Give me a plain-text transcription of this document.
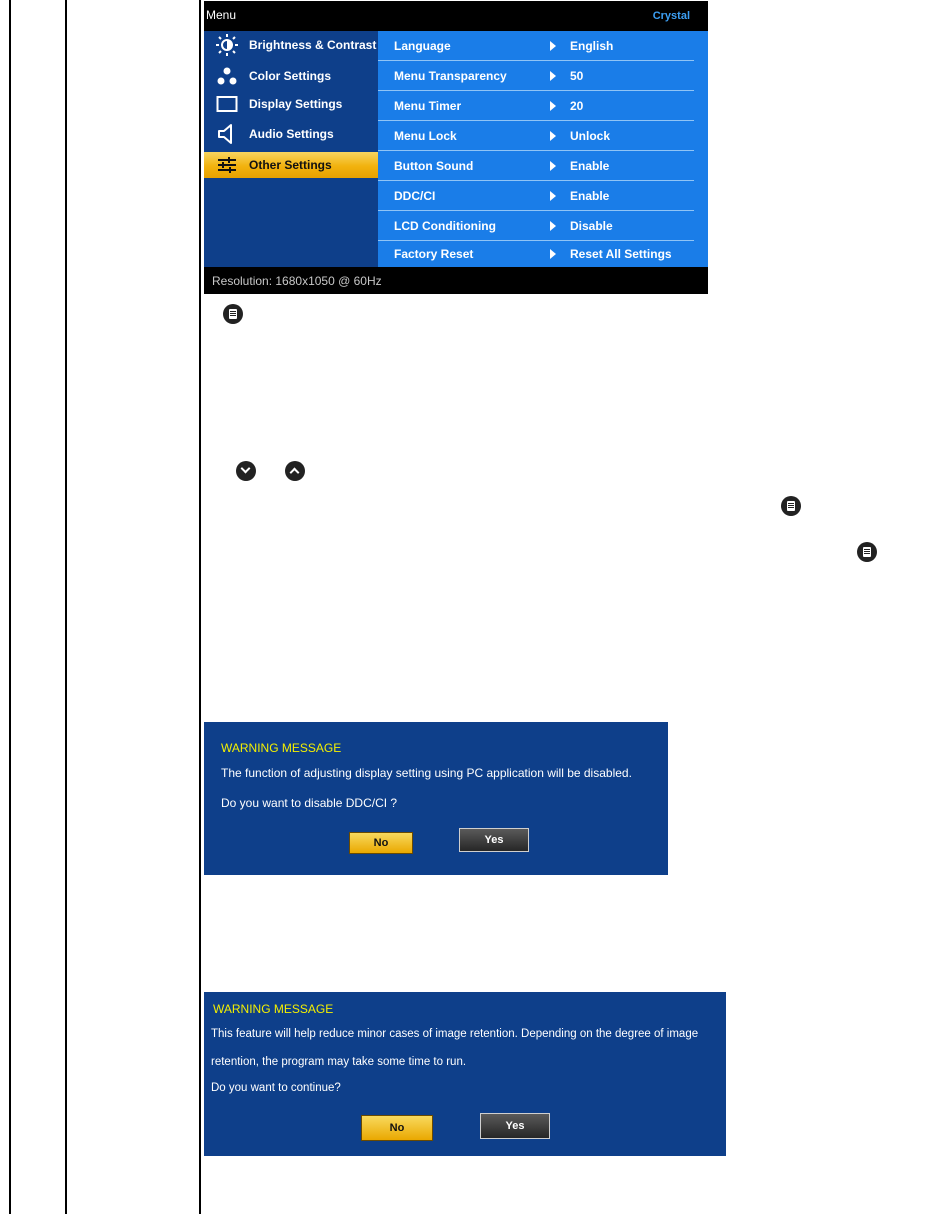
Menu	Crystal
Brightness & Contrast
Color Settings
Display Settings
Audio Settings
Other Settings
Language	English
Menu Transparency	50
Menu Timer	20
Menu Lock	Unlock
Button Sound	Enable
DDC/CI	Enable
LCD Conditioning	Disable
Factory Reset	Reset All Settings
Resolution: 1680x1050 @ 60Hz
WARNING MESSAGE
The function of adjusting display setting using PC application will be disabled.
Do you want to disable DDC/CI ?
No	Yes
WARNING MESSAGE
This feature will help reduce minor cases of image retention. Depending on the degree of image
retention, the program may take some time to run.
Do you want to continue?
No	Yes
